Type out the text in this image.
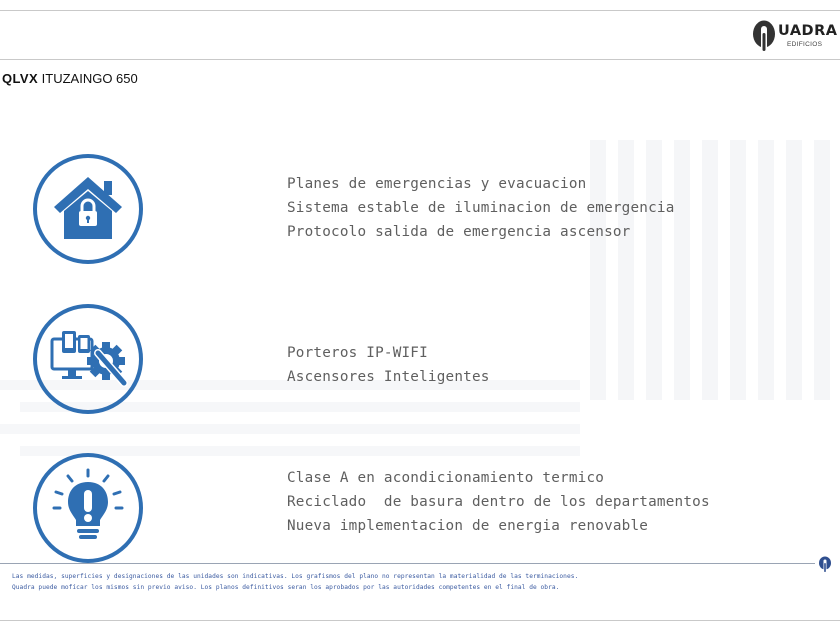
UADRA
EDIFICIOS
QLVX ITUZAINGO 650
Planes de emergencias y evacuacion
Sistema estable de iluminacion de emergencia
Protocolo salida de emergencia ascensor
Porteros IP-WIFI
Ascensores Inteligentes
Clase A en acondicionamiento termico
Reciclado  de basura dentro de los departamentos
Nueva implementacion de energia renovable
Las medidas, superficies y designaciones de las unidades son indicativas. Los grafismos del plano no representan la materialidad de las terminaciones.
Quadra puede mofícar los mismos sin previo aviso. Los planos definitivos seran los aprobados por las autoridades competentes en el final de obra.
